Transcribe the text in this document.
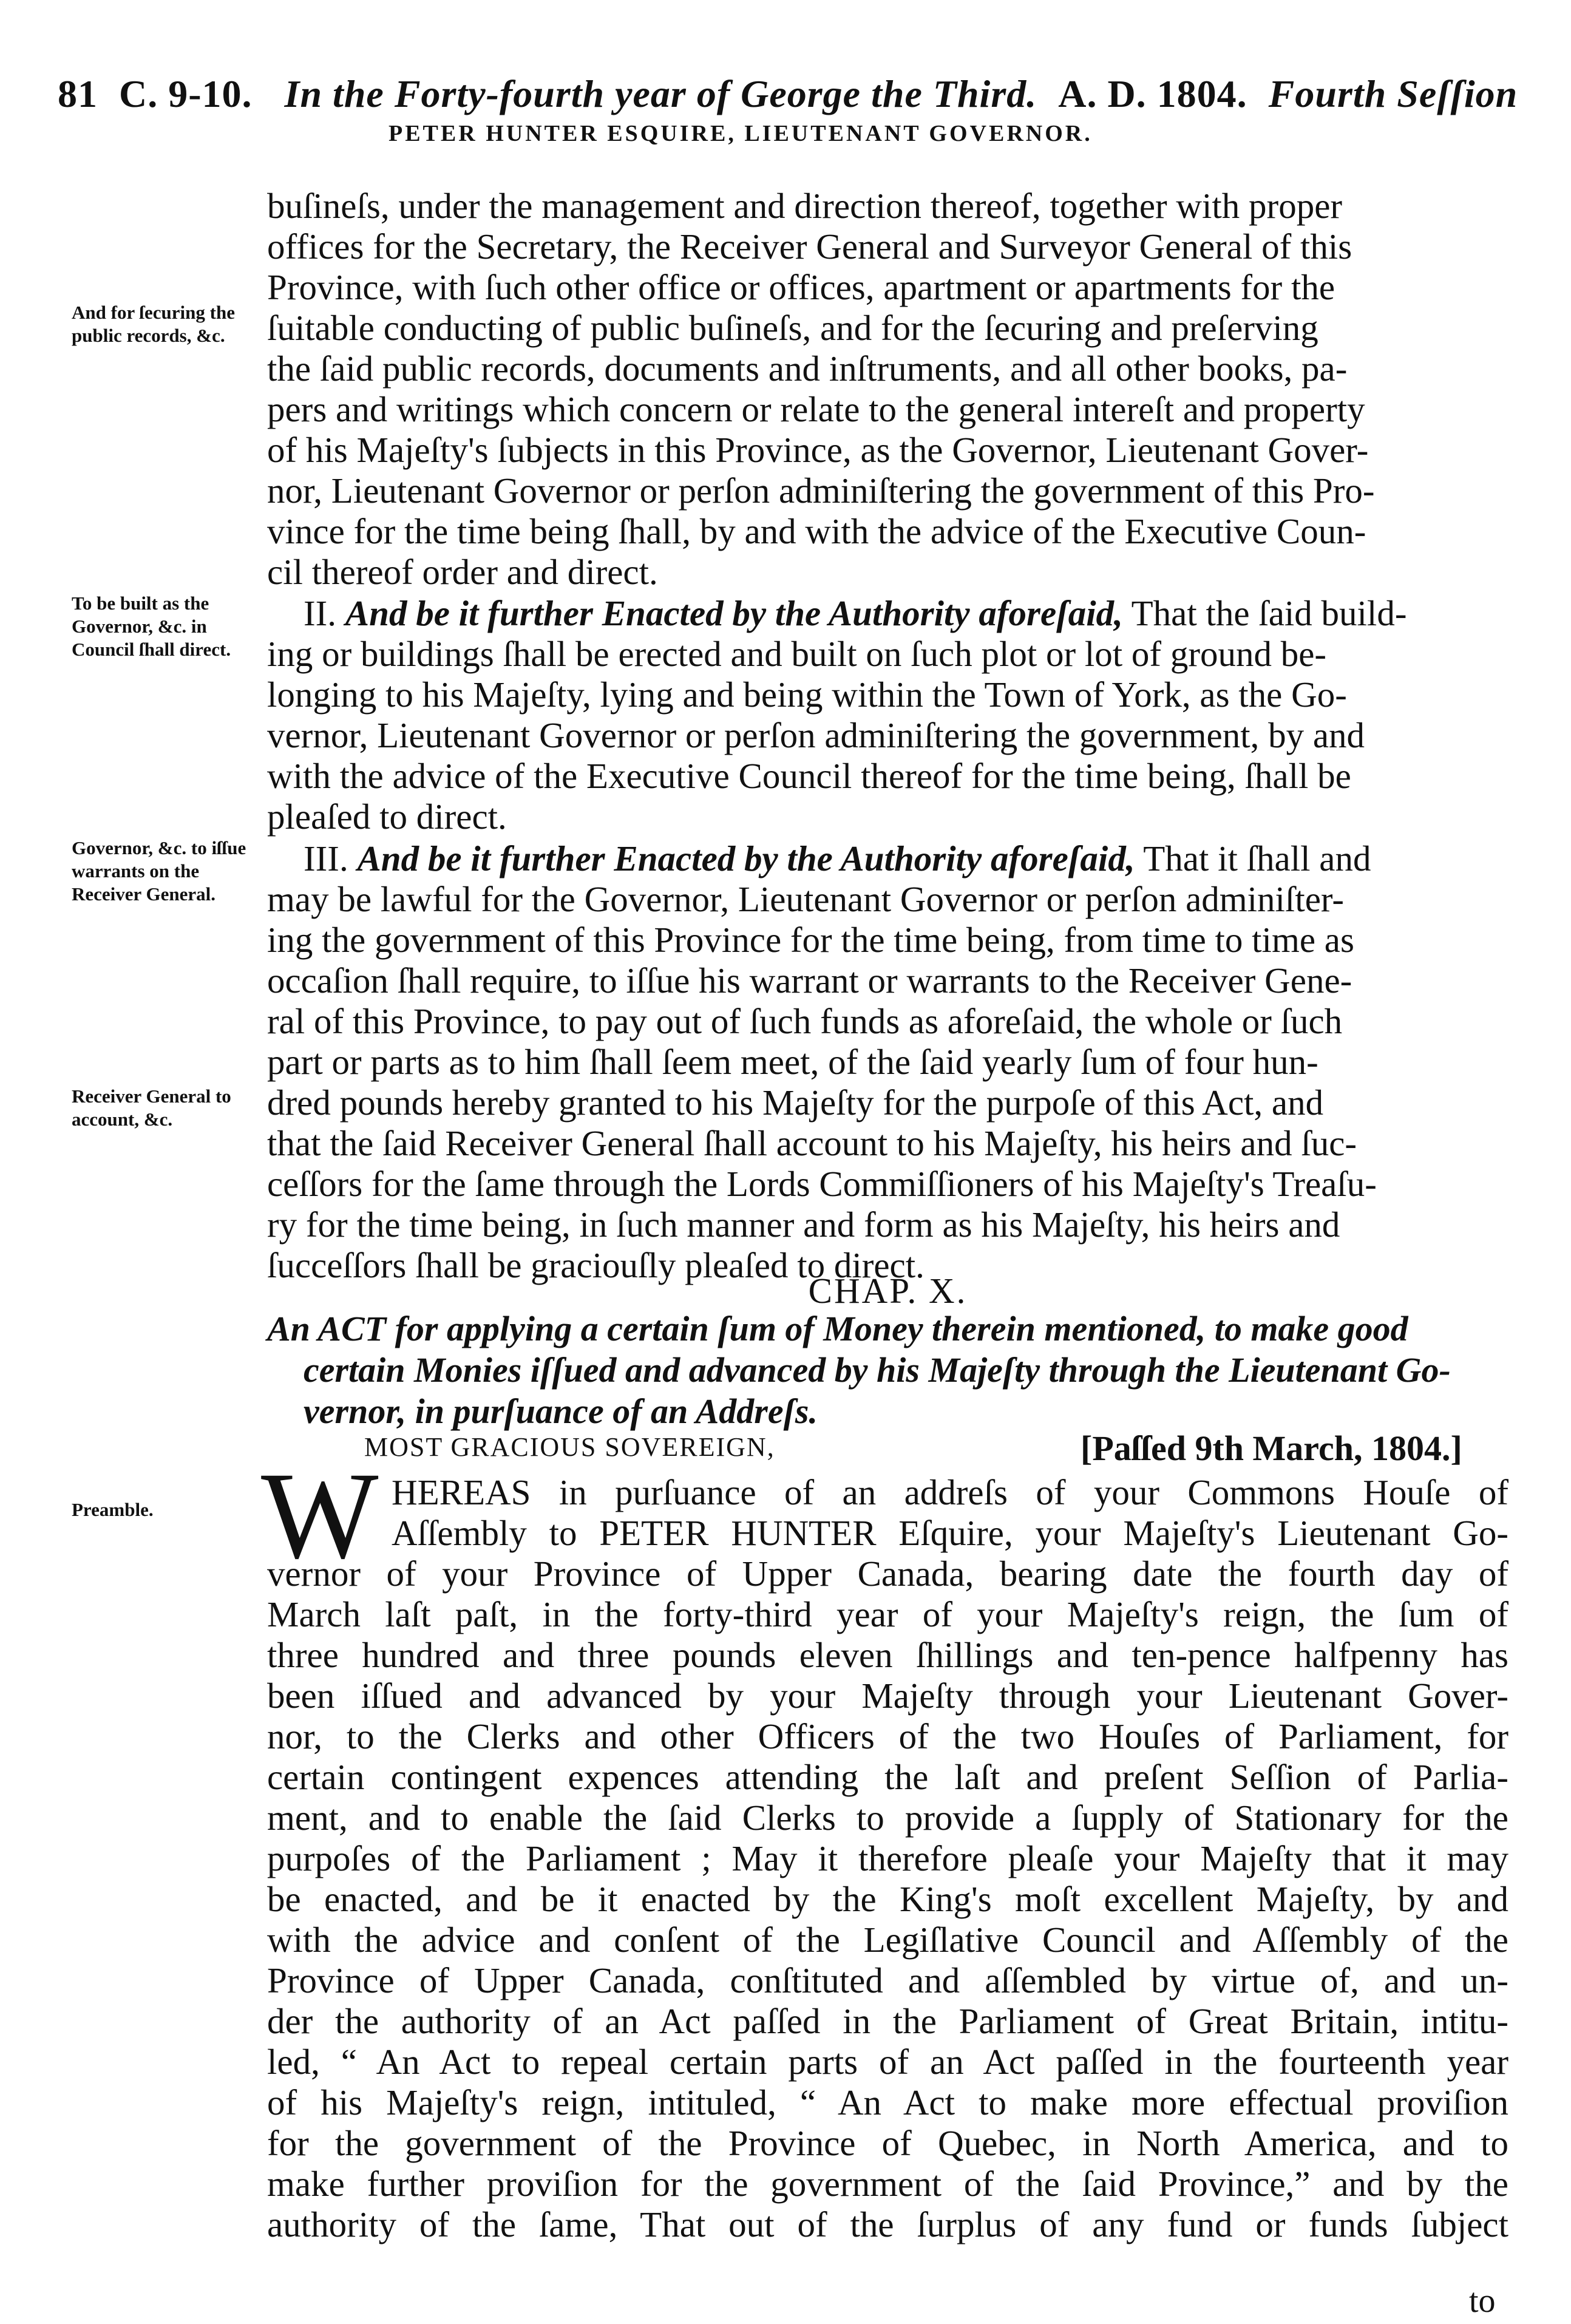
81 C. 9-10. In the Forty-fourth year of George the Third. A. D. 1804. Fourth Seſſion
PETER HUNTER ESQUIRE, LIEUTENANT GOVERNOR.
And for ſecuring the public records, &c.
To be built as the Governor, &c. in Council ſhall direct.
Governor, &c. to iſſue warrants on the Receiver General.
Receiver General to account, &c.
Preamble.
buſineſs, under the management and direction thereof, together with proper
offices for the Secretary, the Receiver General and Surveyor General of this
Province, with ſuch other office or offices, apartment or apartments for the
ſuitable conducting of public buſineſs, and for the ſecuring and preſerving
the ſaid public records, documents and inſtruments, and all other books, pa-
pers and writings which concern or relate to the general intereſt and property
of his Majeſty's ſubjects in this Province, as the Governor, Lieutenant Gover-
nor, Lieutenant Governor or perſon adminiſtering the government of this Pro-
vince for the time being ſhall, by and with the advice of the Executive Coun-
cil thereof order and direct.
II. And be it further Enacted by the Authority aforeſaid, That the ſaid build-
ing or buildings ſhall be erected and built on ſuch plot or lot of ground be-
longing to his Majeſty, lying and being within the Town of York, as the Go-
vernor, Lieutenant Governor or perſon adminiſtering the government, by and
with the advice of the Executive Council thereof for the time being, ſhall be
pleaſed to direct.
III. And be it further Enacted by the Authority aforeſaid, That it ſhall and
may be lawful for the Governor, Lieutenant Governor or perſon adminiſter-
ing the government of this Province for the time being, from time to time as
occaſion ſhall require, to iſſue his warrant or warrants to the Receiver Gene-
ral of this Province, to pay out of ſuch funds as aforeſaid, the whole or ſuch
part or parts as to him ſhall ſeem meet, of the ſaid yearly ſum of four hun-
dred pounds hereby granted to his Majeſty for the purpoſe of this Act, and
that the ſaid Receiver General ſhall account to his Majeſty, his heirs and ſuc-
ceſſors for the ſame through the Lords Commiſſioners of his Majeſty's Treaſu-
ry for the time being, in ſuch manner and form as his Majeſty, his heirs and
ſucceſſors ſhall be graciouſly pleaſed to direct.
CHAP. X.
An ACT for applying a certain ſum of Money therein mentioned, to make good
certain Monies iſſued and advanced by his Majeſty through the Lieutenant Go-
vernor, in purſuance of an Addreſs.
MOST GRACIOUS SOVEREIGN,	[Paſſed 9th March, 1804.]
W HEREAS in purſuance of an addreſs of your Commons Houſe of
Aſſembly to PETER HUNTER Eſquire, your Majeſty's Lieutenant Go-
vernor of your Province of Upper Canada, bearing date the fourth day of
March laſt paſt, in the forty-third year of your Majeſty's reign, the ſum of
three hundred and three pounds eleven ſhillings and ten-pence halfpenny has
been iſſued and advanced by your Majeſty through your Lieutenant Gover-
nor, to the Clerks and other Officers of the two Houſes of Parliament, for
certain contingent expences attending the laſt and preſent Seſſion of Parlia-
ment, and to enable the ſaid Clerks to provide a ſupply of Stationary for the
purpoſes of the Parliament ; May it therefore pleaſe your Majeſty that it may
be enacted, and be it enacted by the King's moſt excellent Majeſty, by and
with the advice and conſent of the Legiſlative Council and Aſſembly of the
Province of Upper Canada, conſtituted and aſſembled by virtue of, and un-
der the authority of an Act paſſed in the Parliament of Great Britain, intitu-
led, “ An Act to repeal certain parts of an Act paſſed in the fourteenth year
of his Majeſty's reign, intituled, “ An Act to make more effectual proviſion
for the government of the Province of Quebec, in North America, and to
make further proviſion for the government of the ſaid Province,” and by the
authority of the ſame, That out of the ſurplus of any fund or funds ſubject
to
